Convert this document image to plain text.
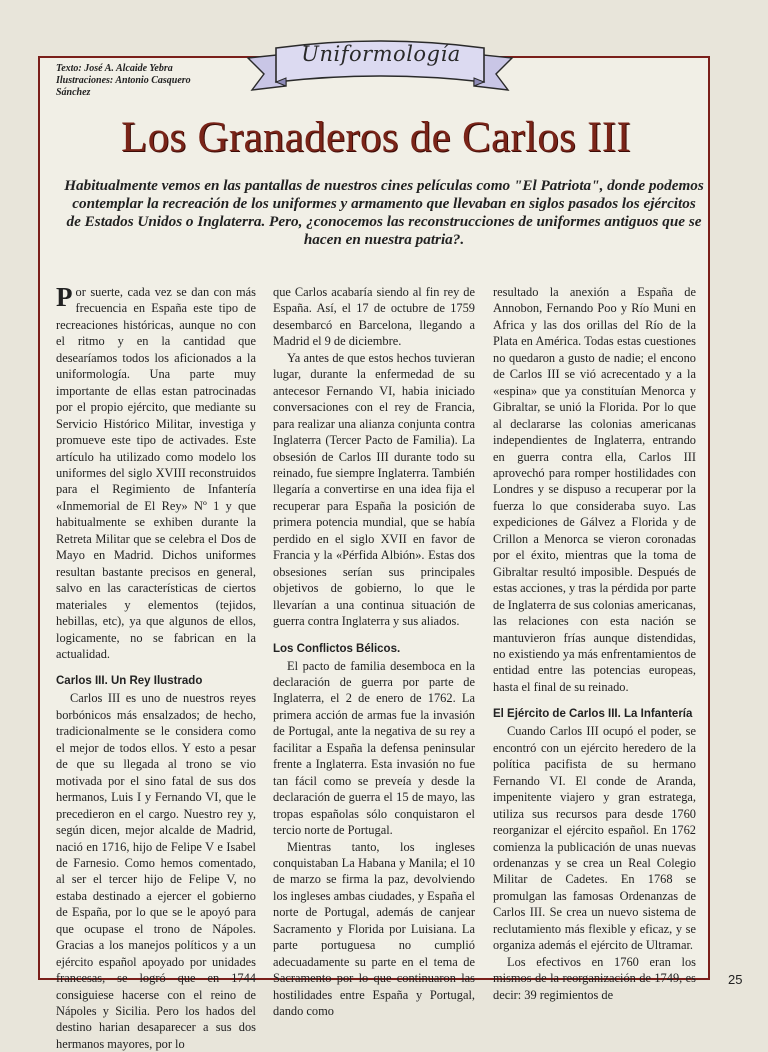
Texto: José A. Alcaide Yebra
Ilustraciones: Antonio Casquero
Sánchez
Uniformología
Los Granaderos de Carlos III
Habitualmente vemos en las pantallas de nuestros cines películas como "El Patriota", donde podemos contemplar la recreación de los uniformes y armamento que llevaban en siglos pasados los ejércitos de Estados Unidos o Inglaterra. Pero, ¿conocemos las reconstrucciones de uniformes antiguos que se hacen en nuestra patria?.

Por suerte, cada vez se dan con más frecuencia en España este tipo de recreaciones históricas, aunque no con el ritmo y en la cantidad que desearíamos todos los aficionados a la uniformología. Una parte muy importante de ellas estan patrocinadas por el propio ejército, que mediante su Servicio Histórico Militar, investiga y promueve este tipo de activades. Este artículo ha utilizado como modelo los uniformes del siglo XVIII reconstruidos para el Regimiento de Infantería «Inmemorial de El Rey» Nº 1 y que habitualmente se exhiben durante la Retreta Militar que se celebra el Dos de Mayo en Madrid. Dichos uniformes resultan bastante precisos en general, salvo en las características de ciertos materiales y elementos (tejidos, hebillas, etc), ya que algunos de ellos, logicamente, no se fabrican en la actualidad.

Carlos III. Un Rey Ilustrado

Carlos III es uno de nuestros reyes borbónicos más ensalzados; de hecho, tradicionalmente se le considera como el mejor de todos ellos. Y esto a pesar de que su llegada al trono se vio motivada por el sino fatal de sus dos hermanos, Luis I y Fernando VI, que le precedieron en el cargo. Nuestro rey y, según dicen, mejor alcalde de Madrid, nació en 1716, hijo de Felipe V e Isabel de Farnesio. Como hemos comentado, al ser el tercer hijo de Felipe V, no estaba destinado a ejercer el gobierno de España, por lo que se le apoyó para que ocupase el trono de Nápoles. Gracias a los manejos políticos y a un ejército español apoyado por unidades francesas, se logró que en 1744 consiguiese hacerse con el reino de Nápoles y Sicilia. Pero los hados del destino harian desaparecer a sus dos hermanos mayores, por lo

que Carlos acabaría siendo al fin rey de España. Así, el 17 de octubre de 1759 desembarcó en Barcelona, llegando a Madrid el 9 de diciembre.

Ya antes de que estos hechos tuvieran lugar, durante la enfermedad de su antecesor Fernando VI, habia iniciado conversaciones con el rey de Francia, para realizar una alianza conjunta contra Inglaterra (Tercer Pacto de Familia). La obsesión de Carlos III durante todo su reinado, fue siempre Inglaterra. También llegaría a convertirse en una idea fija el recuperar para España la posición de primera potencia mundial, que se había perdido en el siglo XVII en favor de Francia y la «Pérfida Albión». Estas dos obsesiones serían sus principales objetivos de gobierno, lo que le llevarían a una continua situación de guerra contra Inglaterra y sus aliados.

Los Conflictos Bélicos.

El pacto de familia desemboca en la declaración de guerra por parte de Inglaterra, el 2 de enero de 1762. La primera acción de armas fue la invasión de Portugal, ante la negativa de su rey a facilitar a España la defensa peninsular frente a Inglaterra. Esta invasión no fue tan fácil como se preveía y desde la declaración de guerra el 15 de mayo, las tropas españolas sólo conquistaron el tercio norte de Portugal.

Mientras tanto, los ingleses conquistaban La Habana y Manila; el 10 de marzo se firma la paz, devolviendo los ingleses ambas ciudades, y España el norte de Portugal, además de canjear Sacramento y Florida por Luisiana. La parte portuguesa no cumplió adecuadamente su parte en el tema de Sacramento por lo que continuaron las hostilidades entre España y Portugal, dando como

resultado la anexión a España de Annobon, Fernando Poo y Río Muni en Africa y las dos orillas del Río de la Plata en América. Todas estas cuestiones no quedaron a gusto de nadie; el encono de Carlos III se vió acrecentado y a la «espina» que ya constituían Menorca y Gibraltar, se unió la Florida. Por lo que al declararse las colonias americanas independientes de Inglaterra, entrando en guerra contra ella, Carlos III aprovechó para romper hostilidades con Londres y se dispuso a recuperar por la fuerza lo que consideraba suyo. Las expediciones de Gálvez a Florida y de Crillon a Menorca se vieron coronadas por el éxito, mientras que la toma de Gibraltar resultó imposible. Después de estas acciones, y tras la pérdida por parte de Inglaterra de sus colonias americanas, las relaciones con esta nación se mantuvieron frías aunque distendidas, no existiendo ya más enfrentamientos de entidad entre las potencias europeas, hasta el final de su reinado.

El Ejército de Carlos III. La Infantería

Cuando Carlos III ocupó el poder, se encontró con un ejército heredero de la política pacifista de su hermano Fernando VI. El conde de Aranda, impenitente viajero y gran estratega, utiliza sus recursos para desde 1760 reorganizar el ejército español. En 1762 comienza la publicación de unas nuevas ordenanzas y se crea un Real Colegio Militar de Cadetes. En 1768 se promulgan las famosas Ordenanzas de Carlos III. Se crea un nuevo sistema de reclutamiento más flexible y eficaz, y se organiza además el ejército de Ultramar.

Los efectivos en 1760 eran los mismos de la reorganización de 1749, es decir: 39 regimientos de

25
